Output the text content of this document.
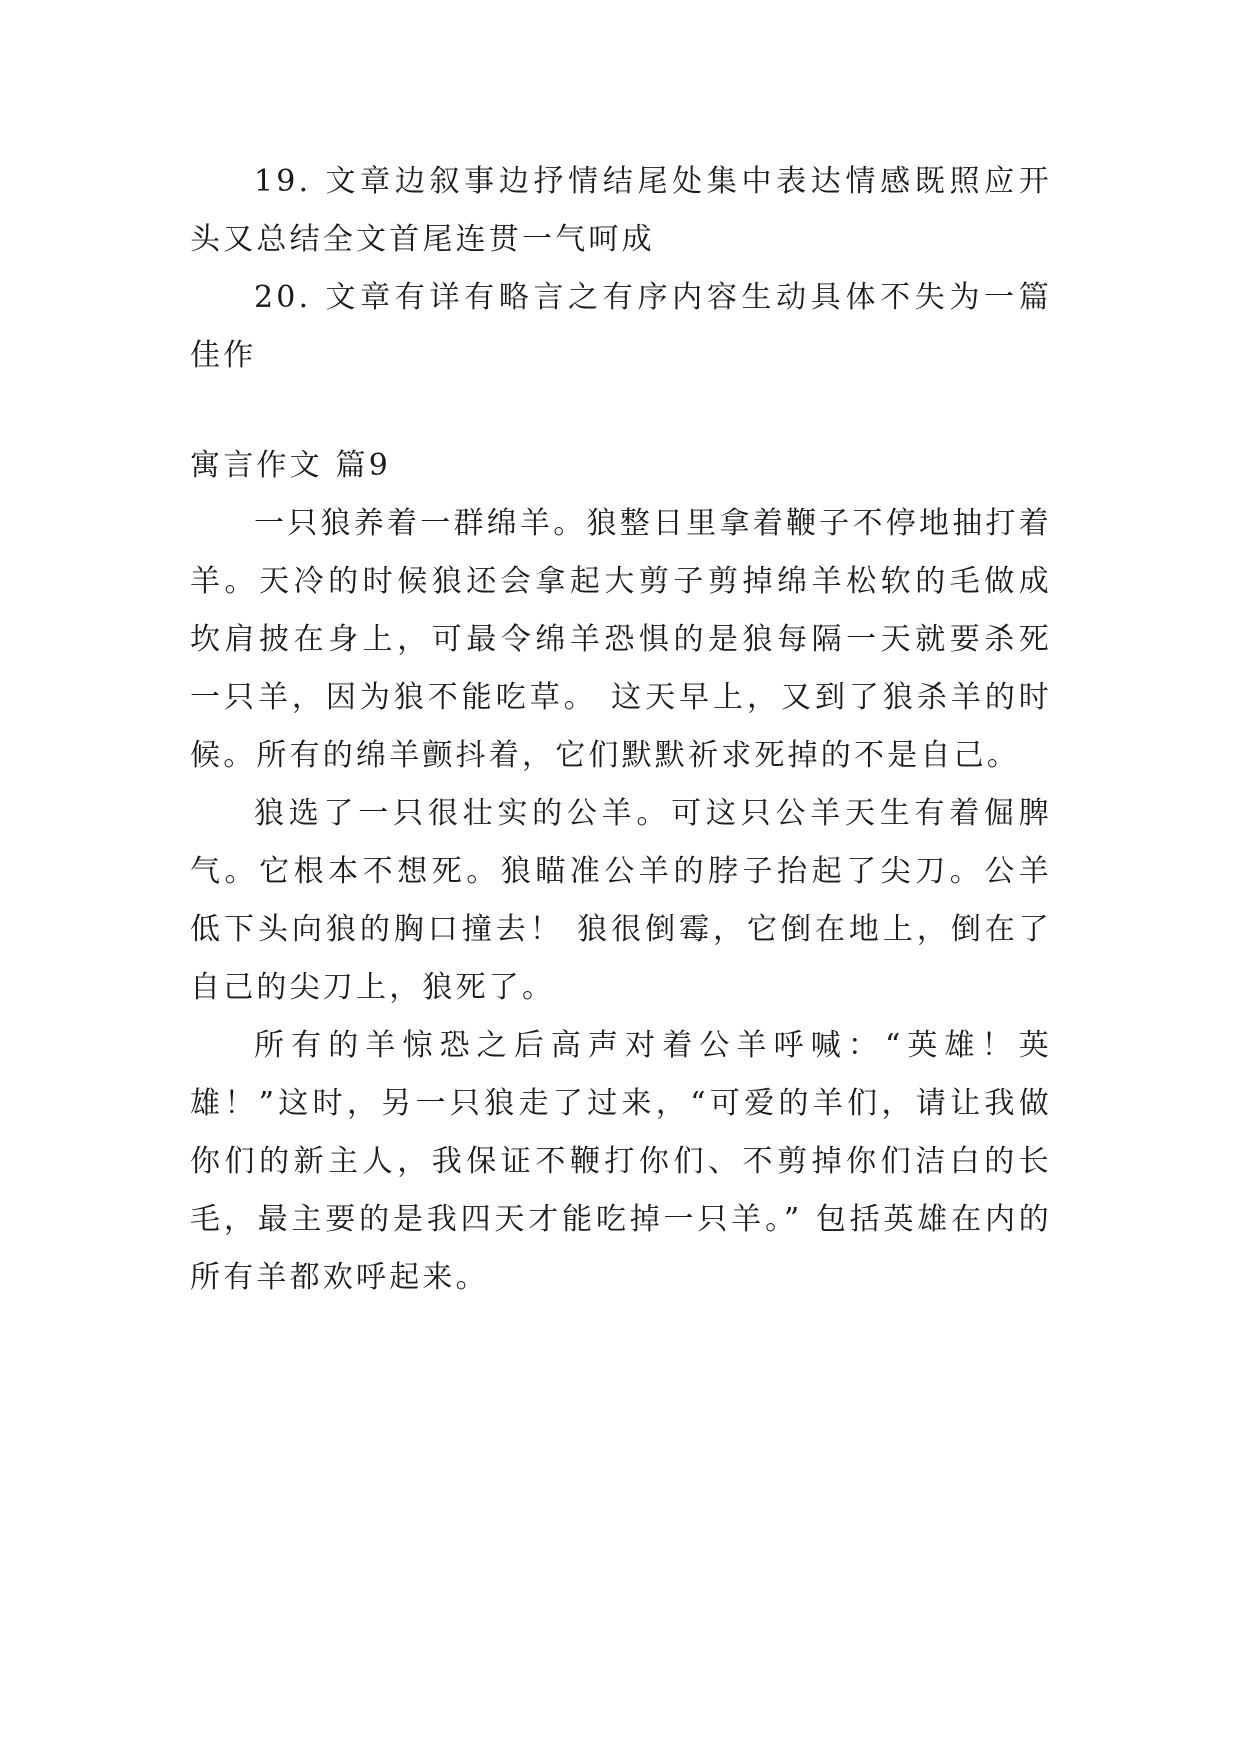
19. 文章边叙事边抒情结尾处集中表达情感既照应开头又总结全文首尾连贯一气呵成

20. 文章有详有略言之有序内容生动具体不失为一篇佳作

寓言作文 篇9

一只狼养着一群绵羊。狼整日里拿着鞭子不停地抽打着羊。天冷的时候狼还会拿起大剪子剪掉绵羊松软的毛做成坎肩披在身上，可最令绵羊恐惧的是狼每隔一天就要杀死一只羊，因为狼不能吃草。 这天早上，又到了狼杀羊的时候。所有的绵羊颤抖着，它们默默祈求死掉的不是自己。

狼选了一只很壮实的公羊。可这只公羊天生有着倔脾气。它根本不想死。狼瞄准公羊的脖子抬起了尖刀。公羊低下头向狼的胸口撞去！ 狼很倒霉，它倒在地上，倒在了自己的尖刀上，狼死了。

所有的羊惊恐之后高声对着公羊呼喊：“英雄！英雄！”这时，另一只狼走了过来，“可爱的羊们，请让我做你们的新主人，我保证不鞭打你们、不剪掉你们洁白的长毛，最主要的是我四天才能吃掉一只羊。” 包括英雄在内的所有羊都欢呼起来。
